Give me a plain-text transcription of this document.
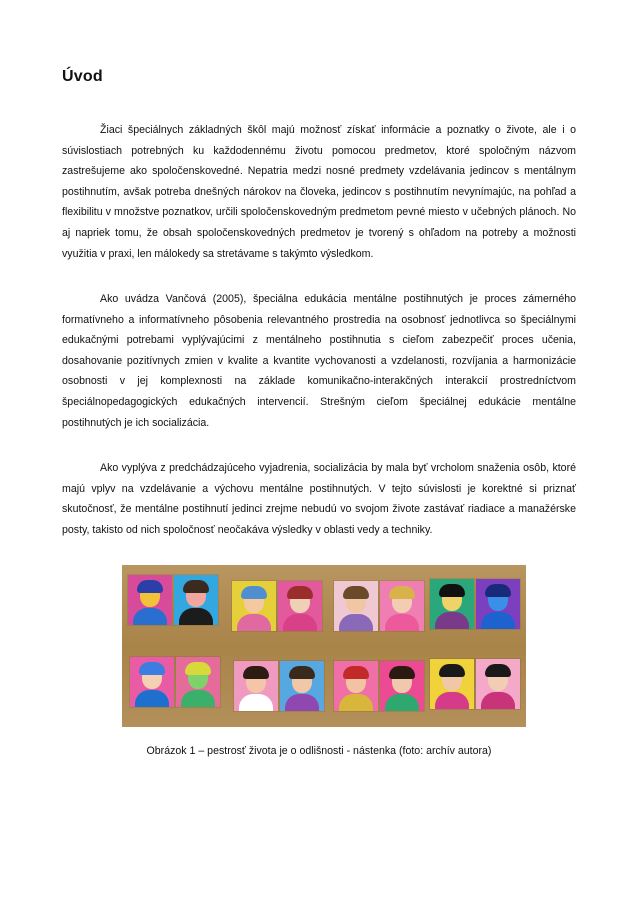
Úvod

Žiaci špeciálnych základných škôl majú možnosť získať informácie a poznatky o živote, ale i o súvislostiach potrebných ku každodennému životu pomocou predmetov, ktoré spoločným názvom zastrešujeme ako spoločenskovedné. Nepatria medzi nosné predmety vzdelávania jedincov s mentálnym postihnutím, avšak potreba dnešných nárokov na človeka, jedincov s postihnutím nevynímajúc, na pohľad a flexibilitu v množstve poznatkov, určili spoločenskovedným predmetom pevné miesto v učebných plánoch. No aj napriek tomu, že obsah spoločenskovedných predmetov je tvorený s ohľadom na potreby a možnosti využitia v praxi, len málokedy sa stretávame s takýmto výsledkom.

Ako uvádza Vančová (2005), špeciálna edukácia mentálne postihnutých je proces zámerného formatívneho a informatívneho pôsobenia relevantného prostredia na osobnosť jednotlivca so špeciálnymi edukačnými potrebami vyplývajúcimi z mentálneho postihnutia s cieľom zabezpečiť proces učenia, dosahovanie pozitívnych zmien v kvalite a kvantite vychovanosti a vzdelanosti, rozvíjania a harmonizácie osobnosti v jej komplexnosti na základe komunikačno-interakčných interakcií prostredníctvom špeciálnopedagogických edukačných intervencií. Strešným cieľom špeciálnej edukácie mentálne postihnutých je ich socializácia.

Ako vyplýva z predchádzajúceho vyjadrenia, socializácia by mala byť vrcholom snaženia osôb, ktoré majú vplyv na vzdelávanie a výchovu mentálne postihnutých. V tejto súvislosti je korektné si priznať skutočnosť, že mentálne postihnutí jedinci zrejme nebudú vo svojom živote zastávať riadiace a manažérske posty, takisto od nich spoločnosť neočakáva výsledky v oblasti vedy a techniky.

Obrázok 1 – pestrosť života je o odlišnosti - nástenka (foto: archív autora)
